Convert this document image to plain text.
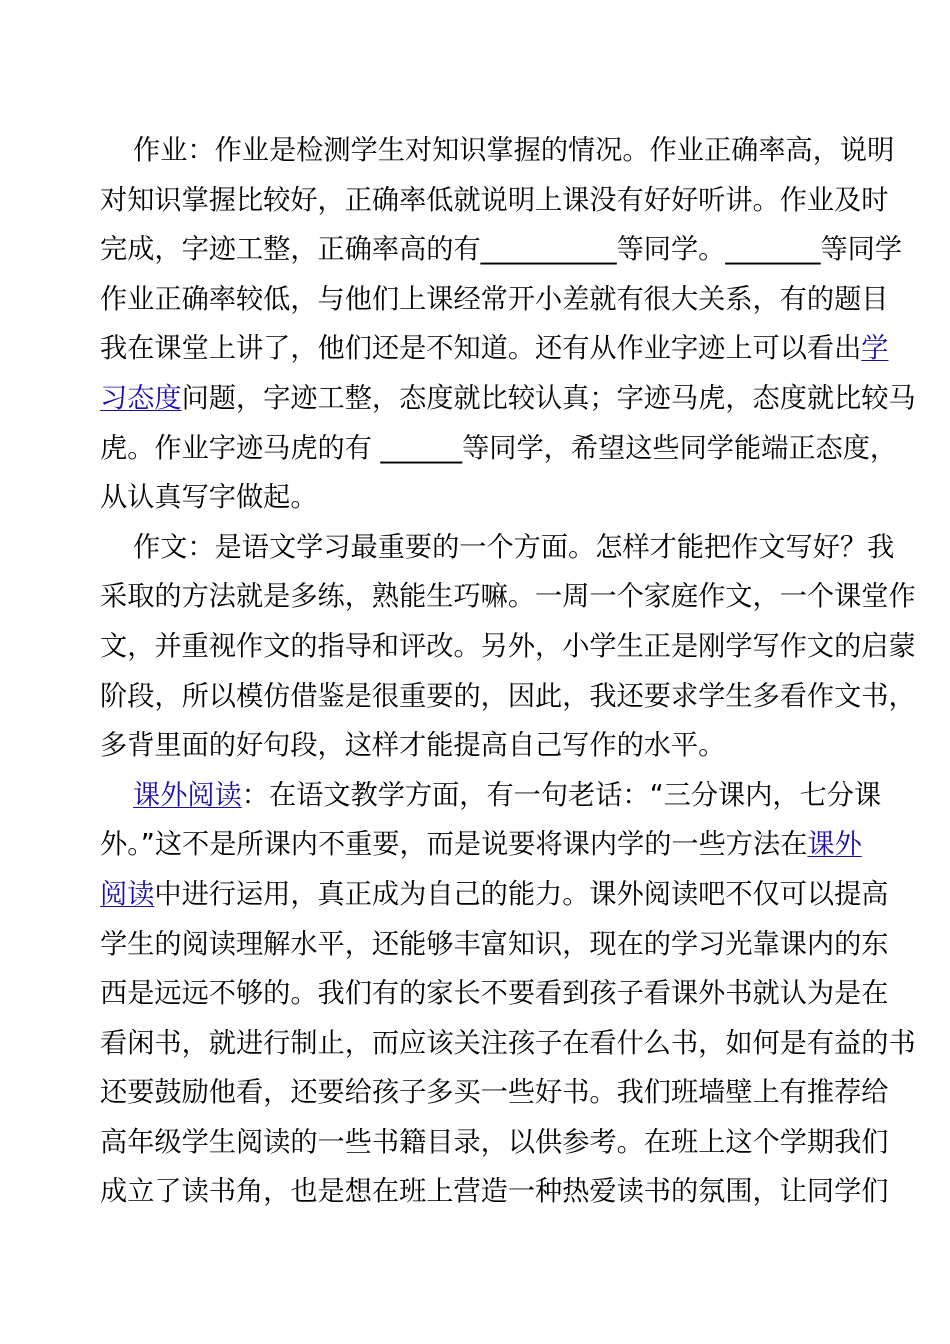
作业：作业是检测学生对知识掌握的情况。作业正确率高，说明
对知识掌握比较好，正确率低就说明上课没有好好听讲。作业及时
完成，字迹工整，正确率高的有__________等同学。_______等同学
作业正确率较低，与他们上课经常开小差就有很大关系，有的题目
我在课堂上讲了，他们还是不知道。还有从作业字迹上可以看出学
习态度问题，字迹工整，态度就比较认真；字迹马虎，态度就比较马
虎。作业字迹马虎的有 ______等同学，希望这些同学能端正态度，
从认真写字做起。
作文：是语文学习最重要的一个方面。怎样才能把作文写好？我
采取的方法就是多练，熟能生巧嘛。一周一个家庭作文，一个课堂作
文，并重视作文的指导和评改。另外，小学生正是刚学写作文的启蒙
阶段，所以模仿借鉴是很重要的，因此，我还要求学生多看作文书，
多背里面的好句段，这样才能提高自己写作的水平。
课外阅读：在语文教学方面，有一句老话：“三分课内，七分课
外。”这不是所课内不重要，而是说要将课内学的一些方法在课外
阅读中进行运用，真正成为自己的能力。课外阅读吧不仅可以提高
学生的阅读理解水平，还能够丰富知识，现在的学习光靠课内的东
西是远远不够的。我们有的家长不要看到孩子看课外书就认为是在
看闲书，就进行制止，而应该关注孩子在看什么书，如何是有益的书
还要鼓励他看，还要给孩子多买一些好书。我们班墙壁上有推荐给
高年级学生阅读的一些书籍目录，以供参考。在班上这个学期我们
成立了读书角，也是想在班上营造一种热爱读书的氛围，让同学们
